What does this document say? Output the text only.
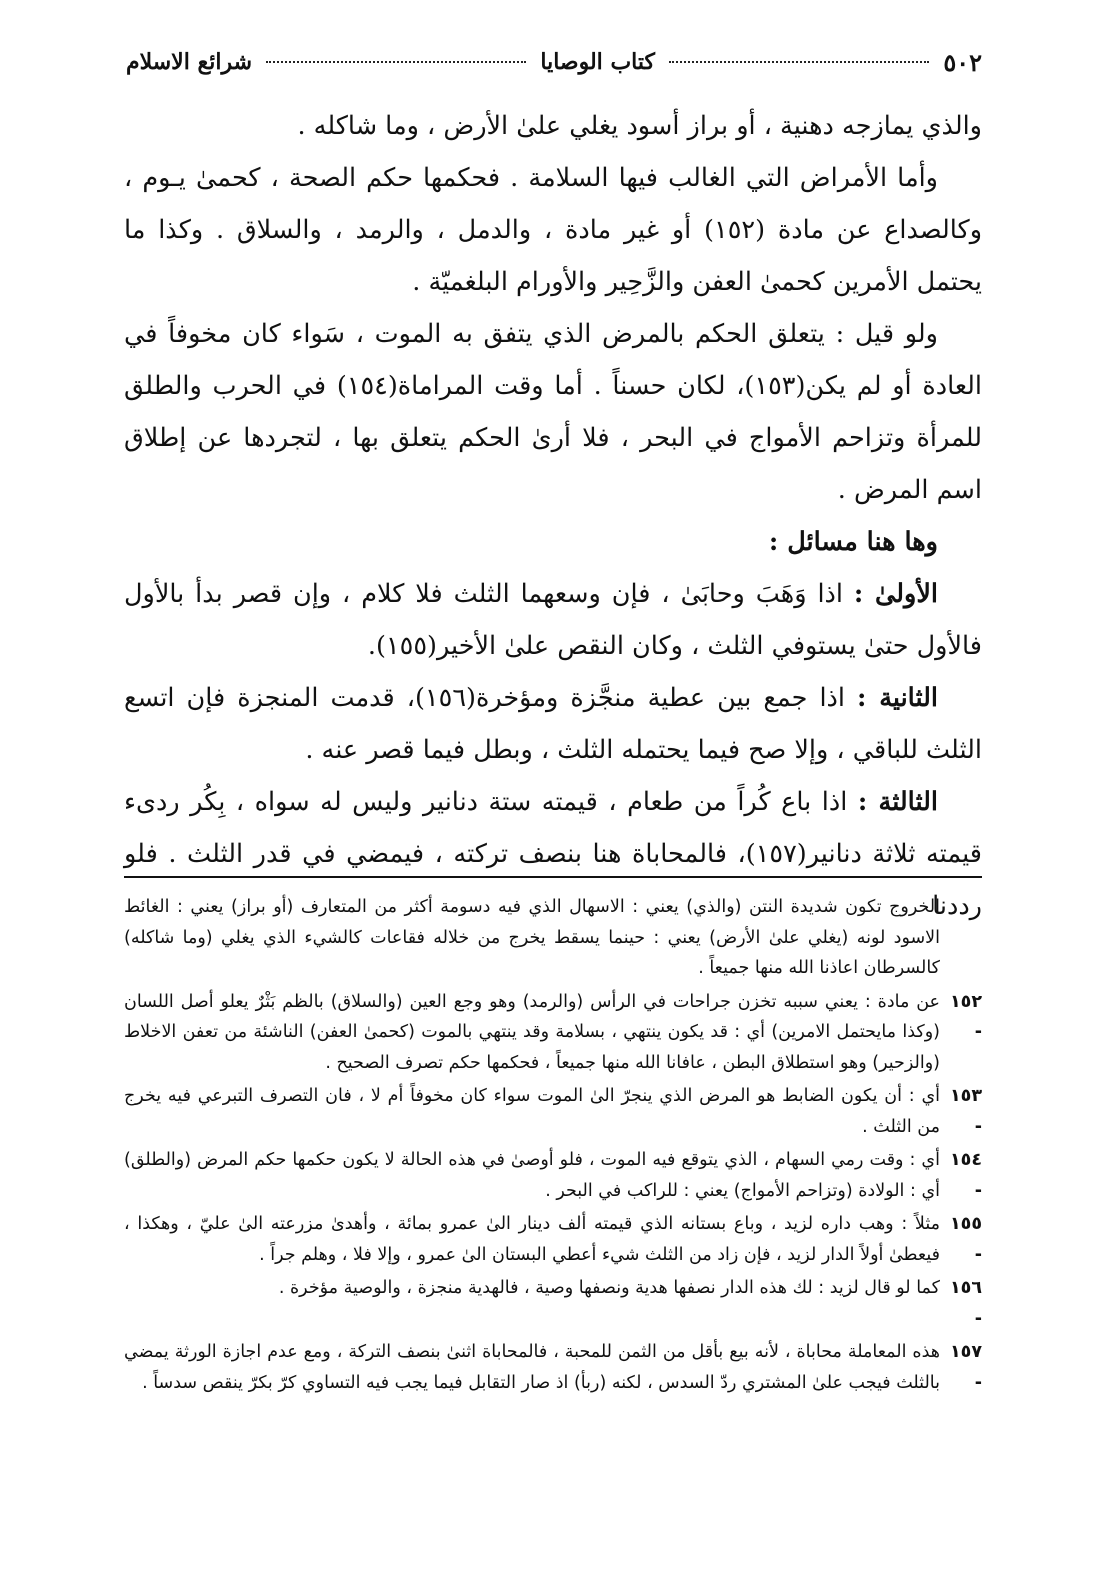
٥٠٢
كتاب الوصايا
شرائع الاسلام

والذي يمازجه دهنية ، أو براز أسود يغلي علىٰ الأرض ، وما شاكله .

وأما الأمراض التي الغالب فيها السلامة . فحكمها حكم الصحة ، كحمىٰ يـوم ، وكالصداع عن مادة (١٥٢) أو غير مادة ، والدمل ، والرمد ، والسلاق . وكذا ما يحتمل الأمرين كحمىٰ العفن والزَّحِير والأورام البلغميّة .

ولو قيل : يتعلق الحكم بالمرض الذي يتفق به الموت ، سَواء كان مخوفاً في العادة أو لم يكن(١٥٣)، لكان حسناً . أما وقت المراماة(١٥٤) في الحرب والطلق للمرأة وتزاحم الأمواج في البحر ، فلا أرىٰ الحكم يتعلق بها ، لتجردها عن إطلاق اسم المرض .

وها هنا مسائل :

الأولىٰ : اذا وَهَبَ وحابَىٰ ، فإن وسعهما الثلث فلا كلام ، وإن قصر بدأ بالأول فالأول حتىٰ يستوفي الثلث ، وكان النقص علىٰ الأخير(١٥٥).

الثانية : اذا جمع بين عطية منجَّزة ومؤخرة(١٥٦)، قدمت المنجزة فإن اتسع الثلث للباقي ، وإلا صح فيما يحتمله الثلث ، وبطل فيما قصر عنه .

الثالثة : اذا باع كُراً من طعام ، قيمته ستة دنانير وليس له سواه ، بِكُر ردىء قيمته ثلاثة دنانير(١٥٧)، فالمحاباة هنا بنصف تركته ، فيمضي في قدر الثلث . فلو رددنا

الخروج تكون شديدة النتن (والذي) يعني : الاسهال الذي فيه دسومة أكثر من المتعارف (أو براز) يعني : الغائط الاسود لونه (يغلي علىٰ الأرض) يعني : حينما يسقط يخرج من خلاله فقاعات كالشيء الذي يغلي (وما شاكله) كالسرطان اعاذنا الله منها جميعاً .
١٥٢ -
عن مادة : يعني سببه تخزن جراحات في الرأس (والرمد) وهو وجع العين (والسلاق) بالظم بَثْرٌ يعلو أصل اللسان (وكذا مايحتمل الامرين) أي : قد يكون ينتهي ، بسلامة وقد ينتهي بالموت (كحمىٰ العفن) الناشئة من تعفن الاخلاط (والزحير) وهو استطلاق البطن ، عافانا الله منها جميعاً ، فحكمها حكم تصرف الصحيح .
١٥٣ -
أي : أن يكون الضابط هو المرض الذي ينجرّ الىٰ الموت سواء كان مخوفاً أم لا ، فان التصرف التبرعي فيه يخرج من الثلث .
١٥٤ -
أي : وقت رمي السهام ، الذي يتوقع فيه الموت ، فلو أوصىٰ في هذه الحالة لا يكون حكمها حكم المرض (والطلق) أي : الولادة (وتزاحم الأمواج) يعني : للراكب في البحر .
١٥٥ -
مثلاً : وهب داره لزيد ، وباع بستانه الذي قيمته ألف دينار الىٰ عمرو بمائة ، وأهدىٰ مزرعته الىٰ عليّ ، وهكذا ، فيعطىٰ أولاً الدار لزيد ، فإن زاد من الثلث شيء أعطي البستان الىٰ عمرو ، وإلا فلا ، وهلم جراً .
١٥٦ -
كما لو قال لزيد : لك هذه الدار نصفها هدية ونصفها وصية ، فالهدية منجزة ، والوصية مؤخرة .
١٥٧ -
هذه المعاملة محاباة ، لأنه بيع بأقل من الثمن للمحبة ، فالمحاباة اثنىٰ بنصف التركة ، ومع عدم اجازة الورثة يمضي بالثلث فيجب علىٰ المشتري ردّ السدس ، لكنه (ربأ) اذ صار التقابل فيما يجب فيه التساوي كرّ بكرّ ينقص سدساً .
